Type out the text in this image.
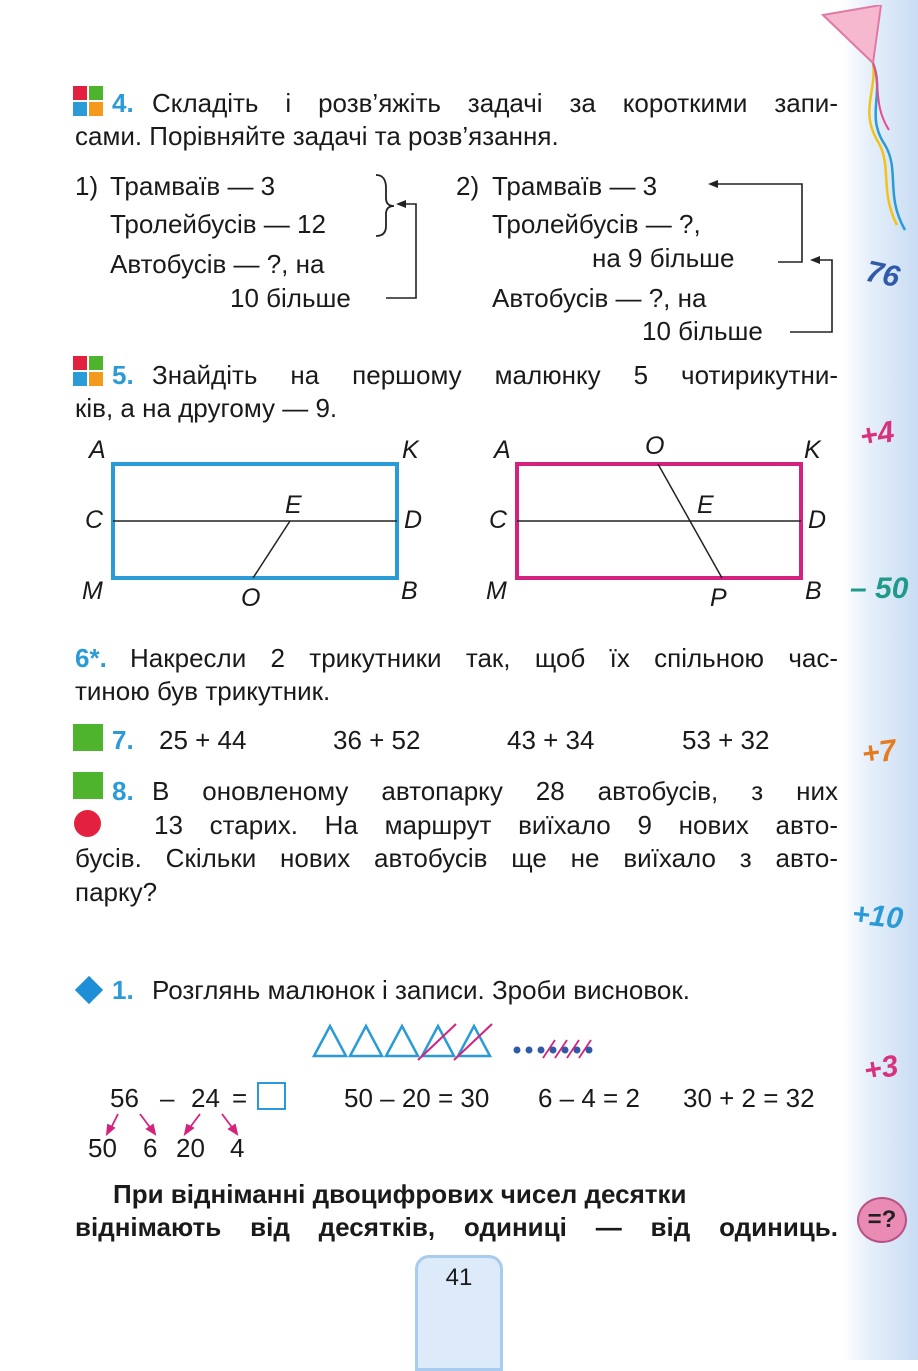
76
+4
– 50
+7
+10
+3
=?
4. Складіть і розв’яжіть задачі за короткими запи-
сами. Порівняйте задачі та розв’язання.
1) Трамваїв — 3
Тролейбусів — 12
Автобусів — ?, на
10 більше
2) Трамваїв — 3
Тролейбусів — ?,
на 9 більше
Автобусів — ?, на
10 більше
5. Знайдіть на першому малюнку 5 чотирикутни-
ків, а на другому — 9.
A	K
C
E
D
M	O	B
A	O	K
C
E
D
M	P	B
6*. Накресли 2 трикутники так, щоб їх спільною час-
тиною був трикутник.
7. 25 + 44	36 + 52	43 + 34	53 + 32
8. В оновленому автопарку 28 автобусів, з них
13 старих. На маршрут виїхало 9 нових авто-
бусів. Скільки нових автобусів ще не виїхало з авто-
парку?
1. Розглянь малюнок і записи. Зроби висновок.
56 – 24 =
50 6 20 4
50 – 20 = 30 6 – 4 = 2 30 + 2 = 32
При відніманні двоцифрових чисел десятки
віднімають від десятків, одиниці — від одиниць.
41
